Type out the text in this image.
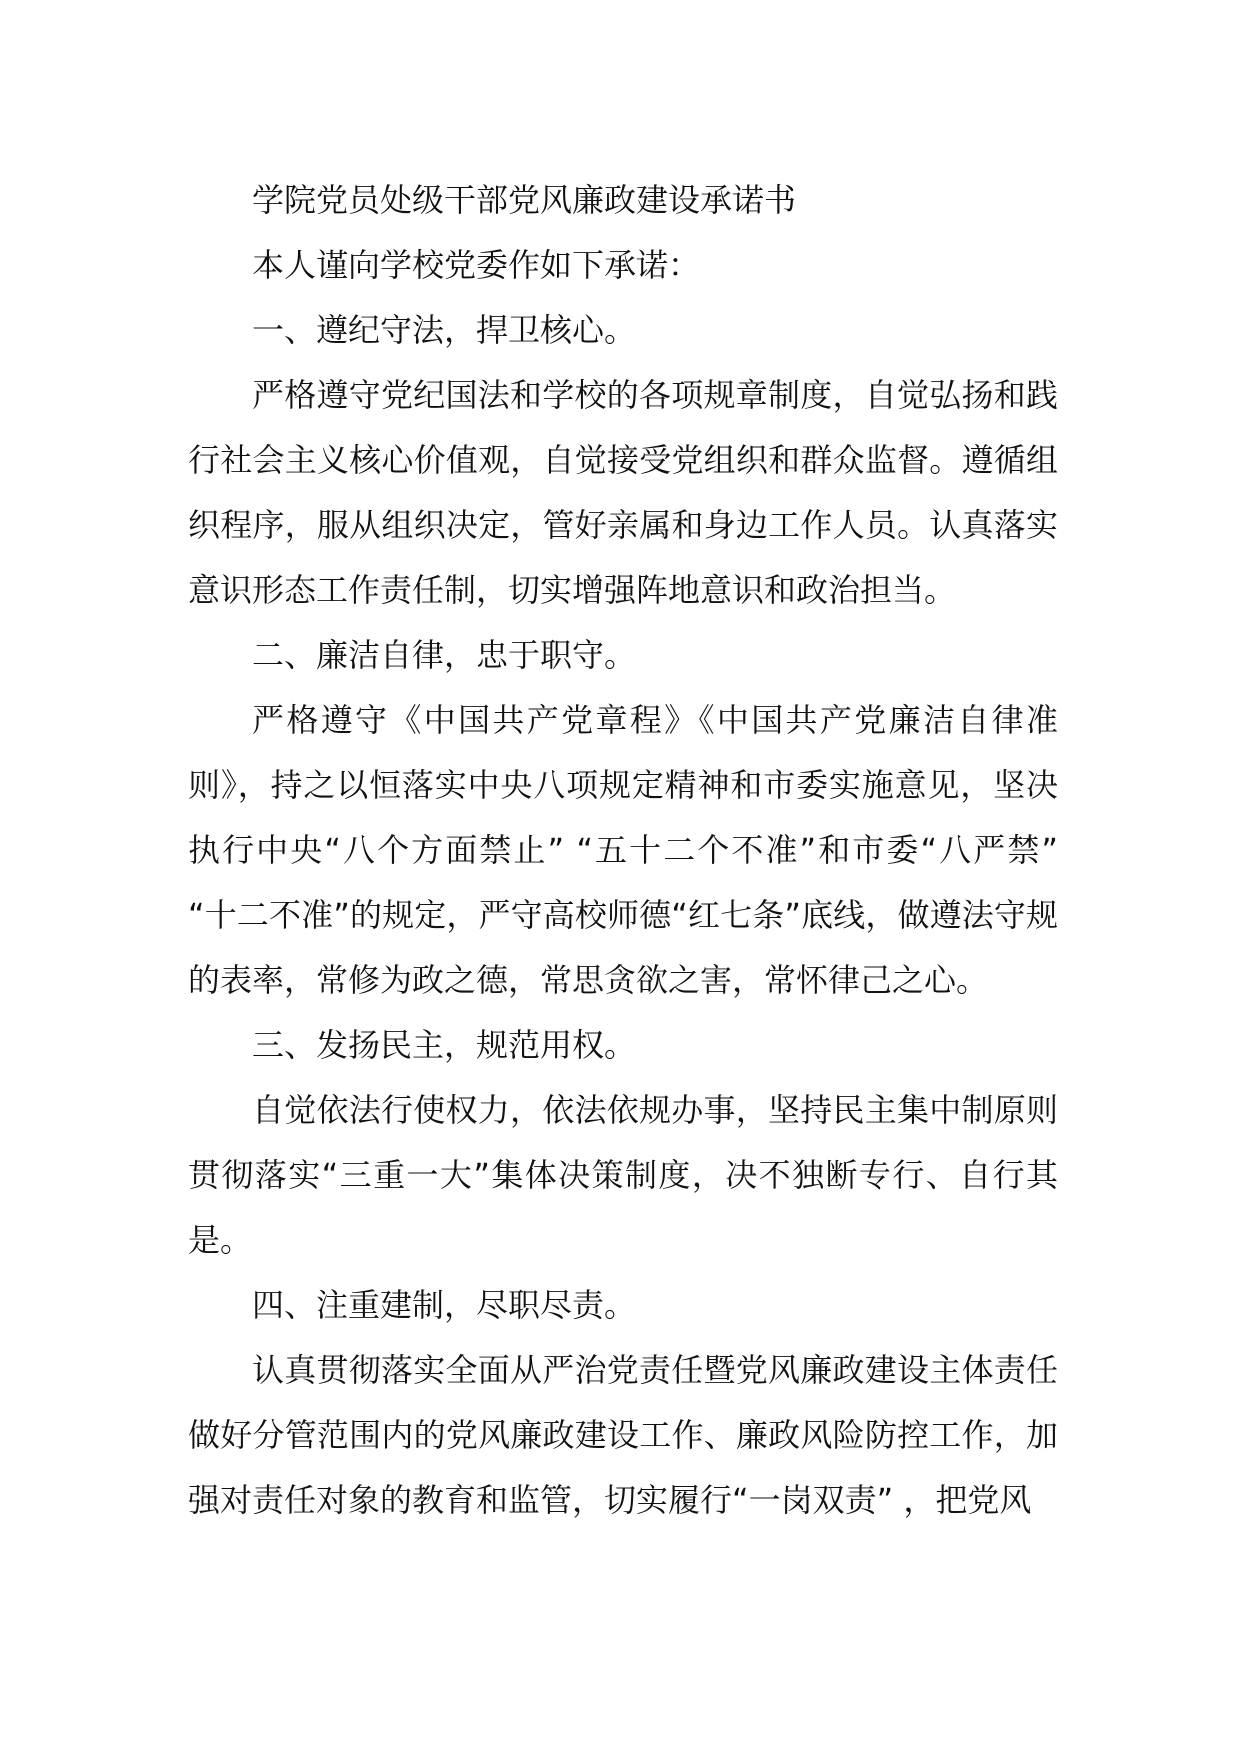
学院党员处级干部党风廉政建设承诺书

本人谨向学校党委作如下承诺：

一、遵纪守法，捍卫核心。

严格遵守党纪国法和学校的各项规章制度，自觉弘扬和践行社会主义核心价值观，自觉接受党组织和群众监督。遵循组织程序，服从组织决定，管好亲属和身边工作人员。认真落实意识形态工作责任制，切实增强阵地意识和政治担当。

二、廉洁自律，忠于职守。

严格遵守《中国共产党章程》《中国共产党廉洁自律准则》，持之以恒落实中央八项规定精神和市委实施意见，坚决执行中央“八个方面禁止” “五十二个不准”和市委“八严禁” “十二不准”的规定，严守高校师德“红七条”底线，做遵法守规的表率，常修为政之德，常思贪欲之害，常怀律己之心。

三、发扬民主，规范用权。

自觉依法行使权力，依法依规办事，坚持民主集中制原则贯彻落实“三重一大”集体决策制度，决不独断专行、自行其是。

四、注重建制，尽职尽责。

认真贯彻落实全面从严治党责任暨党风廉政建设主体责任做好分管范围内的党风廉政建设工作、廉政风险防控工作，加强对责任对象的教育和监管，切实履行“一岗双责” ，把党风
